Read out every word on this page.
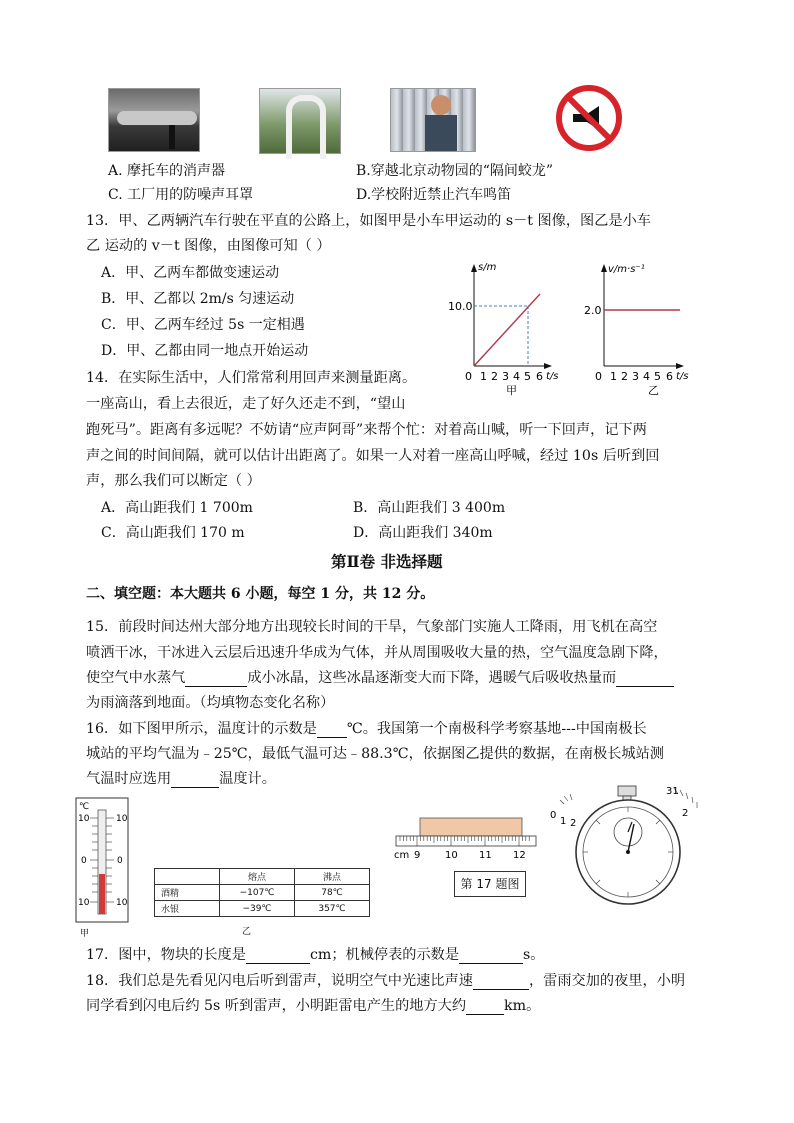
A. 摩托车的消声器	B.穿越北京动物园的“隔间蛟龙”
C. 工厂用的防噪声耳罩	D.学校附近禁止汽车鸣笛
13．甲、乙两辆汽车行驶在平直的公路上，如图甲是小车甲运动的 s－t 图像，图乙是小车
乙 运动的 v－t 图像，由图像可知（ ）
A．甲、乙两车都做变速运动
B．甲、乙都以 2m/s 匀速运动
C．甲、乙两车经过 5s 一定相遇
D．甲、乙都由同一地点开始运动
s/m
10.0
0 1 2 3 4 5 6 t/s
甲
v/m·s⁻¹
2.0
0 1 2 3 4 5 6 t/s
乙
14．在实际生活中，人们常常利用回声来测量距离。
一座高山，看上去很近，走了好久还走不到，“望山
跑死马”。距离有多远呢？不妨请“应声阿哥”来帮个忙：对着高山喊，听一下回声，记下两
声之间的时间间隔，就可以估计出距离了。如果一人对着一座高山呼喊，经过 10s 后听到回
声，那么我们可以断定（ ）
A．高山距我们 1 700m	B．高山距我们 3 400m
C．高山距我们 170 m	D．高山距我们 340m
第Ⅱ卷 非选择题
二、填空题：本大题共 6 小题，每空 1 分，共 12 分。
15．前段时间达州大部分地方出现较长时间的干旱，气象部门实施人工降雨，用飞机在高空
喷洒干冰，干冰进入云层后迅速升华成为气体，并从周围吸收大量的热，空气温度急剧下降，
使空气中水蒸气	成小冰晶，这些冰晶逐渐变大而下降，遇暖气后吸收热量而
为雨滴落到地面。（均填物态变化名称）
16．如下图甲所示，温度计的示数是 ℃。我国第一个南极科学考察基地---中国南极长
城站的平均气温为﹣25℃，最低气温可达﹣88.3℃，依据图乙提供的数据，在南极长城站测
气温时应选用	温度计。
℃
10	10
0	0
10	10
甲
	熔点	沸点
酒精	−107℃	78℃
水银	−39℃	357℃
乙
cm 9 10 11 12
第 17 题图
31
2
0
1 2
17．图中，物块的长度是	cm；机械停表的示数是	s。
18．我们总是先看见闪电后听到雷声，说明空气中光速比声速	，雷雨交加的夜里，小明
同学看到闪电后约 5s 听到雷声，小明距雷电产生的地方大约	km。
